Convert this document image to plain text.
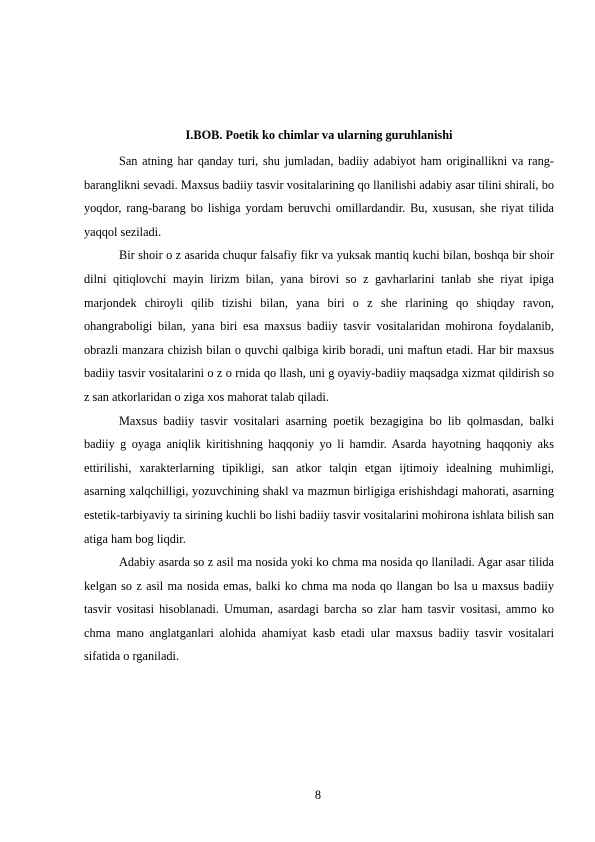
I.BOB. Poetik ko chimlar va ularning guruhlanishi

San atning har qanday turi, shu jumladan, badiiy adabiyot ham originallikni va rang-baranglikni sevadi. Maxsus badiiy tasvir vositalarining qo llanilishi adabiy asar tilini shirali, bo yoqdor, rang-barang bo lishiga yordam beruvchi omillardandir. Bu, xususan, she riyat tilida yaqqol seziladi.

Bir shoir o z asarida chuqur falsafiy fikr va yuksak mantiq kuchi bilan, boshqa bir shoir dilni qitiqlovchi mayin lirizm bilan, yana birovi so z gavharlarini tanlab she riyat ipiga marjondek chiroyli qilib tizishi bilan, yana biri o z she rlarining qo shiqday ravon, ohangraboligi bilan, yana biri esa maxsus badiiy tasvir vositalaridan mohirona foydalanib, obrazli manzara chizish bilan o quvchi qalbiga kirib boradi, uni maftun etadi. Har bir maxsus badiiy tasvir vositalarini o z o rnida qo llash, uni g oyaviy-badiiy maqsadga xizmat qildirish so z san atkorlaridan o ziga xos mahorat talab qiladi.

Maxsus badiiy tasvir vositalari asarning poetik bezagigina bo lib qolmasdan, balki badiiy g oyaga aniqlik kiritishning haqqoniy yo li hamdir. Asarda hayotning haqqoniy aks ettirilishi, xarakterlarning tipikligi, san atkor talqin etgan ijtimoiy idealning muhimligi, asarning xalqchilligi, yozuvchining shakl va mazmun birligiga erishishdagi mahorati, asarning estetik-tarbiyaviy ta sirining kuchli bo lishi badiiy tasvir vositalarini mohirona ishlata bilish san atiga ham bog liqdir.

Adabiy asarda so z asil ma nosida yoki ko chma ma nosida qo llaniladi. Agar asar tilida kelgan so z asil ma nosida emas, balki ko chma ma noda qo llangan bo lsa u maxsus badiiy tasvir vositasi hisoblanadi. Umuman, asardagi barcha so zlar ham tasvir vositasi, ammo ko chma mano anglatganlari alohida ahamiyat kasb etadi ular maxsus badiiy tasvir vositalari sifatida o rganiladi.

8
